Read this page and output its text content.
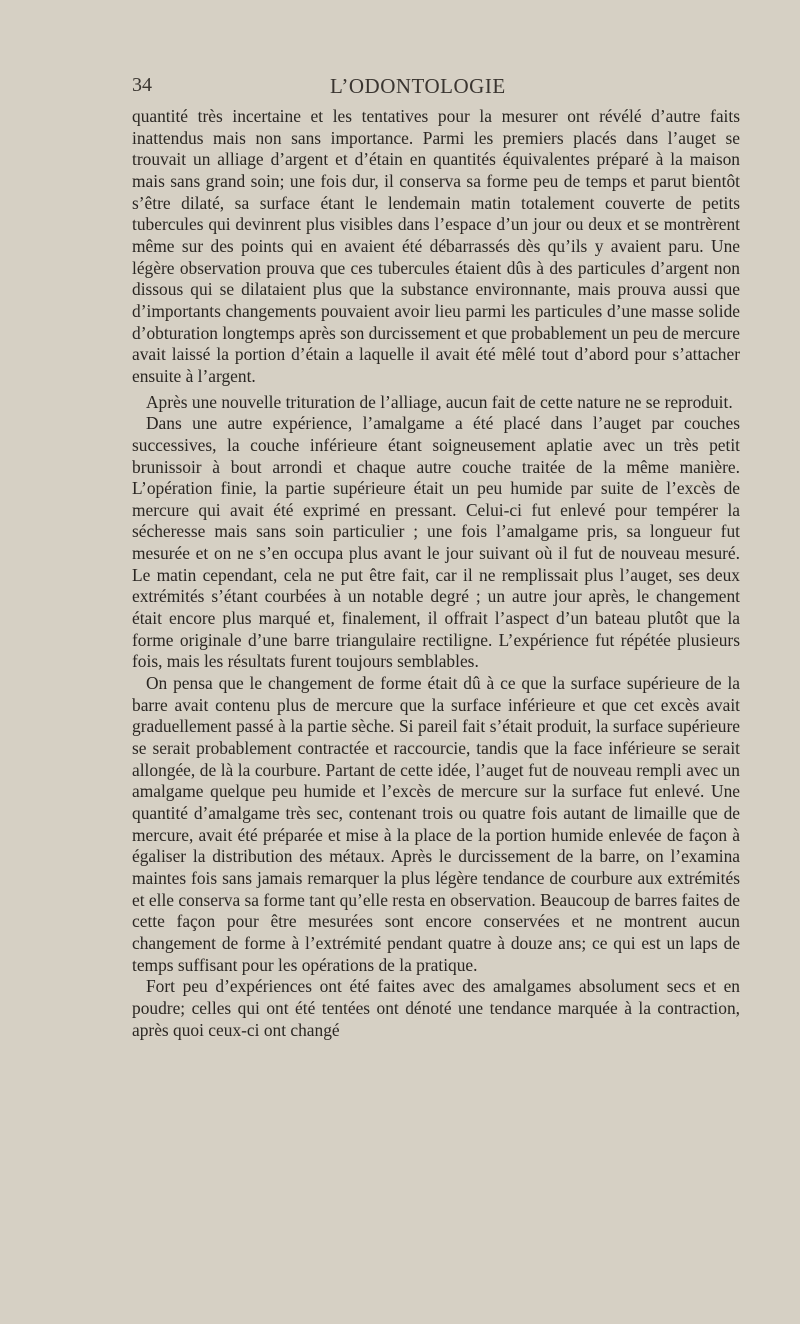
34	L’ODONTOLOGIE

quantité très incertaine et les tentatives pour la mesurer ont révélé d’autre faits inattendus mais non sans importance. Parmi les premiers placés dans l’auget se trouvait un alliage d’argent et d’étain en quantités équivalentes préparé à la maison mais sans grand soin; une fois dur, il conserva sa forme peu de temps et parut bientôt s’être dilaté, sa surface étant le lendemain matin totalement couverte de petits tubercules qui devinrent plus visibles dans l’espace d’un jour ou deux et se montrèrent même sur des points qui en avaient été débarrassés dès qu’ils y avaient paru. Une légère observation prouva que ces tubercules étaient dûs à des particules d’argent non dissous qui se dilataient plus que la substance environnante, mais prouva aussi que d’importants changements pouvaient avoir lieu parmi les particules d’une masse solide d’obturation longtemps après son durcissement et que probablement un peu de mercure avait laissé la portion d’étain a laquelle il avait été mêlé tout d’abord pour s’attacher ensuite à l’argent.

Après une nouvelle trituration de l’alliage, aucun fait de cette nature ne se reproduit.

Dans une autre expérience, l’amalgame a été placé dans l’auget par couches successives, la couche inférieure étant soigneusement aplatie avec un très petit brunissoir à bout arrondi et chaque autre couche traitée de la même manière. L’opération finie, la partie supérieure était un peu humide par suite de l’excès de mercure qui avait été exprimé en pressant. Celui-ci fut enlevé pour tempérer la sécheresse mais sans soin particulier ; une fois l’amalgame pris, sa longueur fut mesurée et on ne s’en occupa plus avant le jour suivant où il fut de nouveau mesuré. Le matin cependant, cela ne put être fait, car il ne remplissait plus l’auget, ses deux extrémités s’étant courbées à un notable degré ; un autre jour après, le changement était encore plus marqué et, finalement, il offrait l’aspect d’un bateau plutôt que la forme originale d’une barre triangulaire rectiligne. L’expérience fut répétée plusieurs fois, mais les résultats furent toujours semblables.

On pensa que le changement de forme était dû à ce que la surface supérieure de la barre avait contenu plus de mercure que la surface inférieure et que cet excès avait graduellement passé à la partie sèche. Si pareil fait s’était produit, la surface supérieure se serait probablement contractée et raccourcie, tandis que la face inférieure se serait allongée, de là la courbure. Partant de cette idée, l’auget fut de nouveau rempli avec un amalgame quelque peu humide et l’excès de mercure sur la surface fut enlevé. Une quantité d’amalgame très sec, contenant trois ou quatre fois autant de limaille que de mercure, avait été préparée et mise à la place de la portion humide enlevée de façon à égaliser la distribution des métaux. Après le durcissement de la barre, on l’examina maintes fois sans jamais remarquer la plus légère tendance de courbure aux extrémités et elle conserva sa forme tant qu’elle resta en observation. Beaucoup de barres faites de cette façon pour être mesurées sont encore conservées et ne montrent aucun changement de forme à l’extrémité pendant quatre à douze ans; ce qui est un laps de temps suffisant pour les opérations de la pratique.

Fort peu d’expériences ont été faites avec des amalgames absolument secs et en poudre; celles qui ont été tentées ont dénoté une tendance marquée à la contraction, après quoi ceux-ci ont changé
